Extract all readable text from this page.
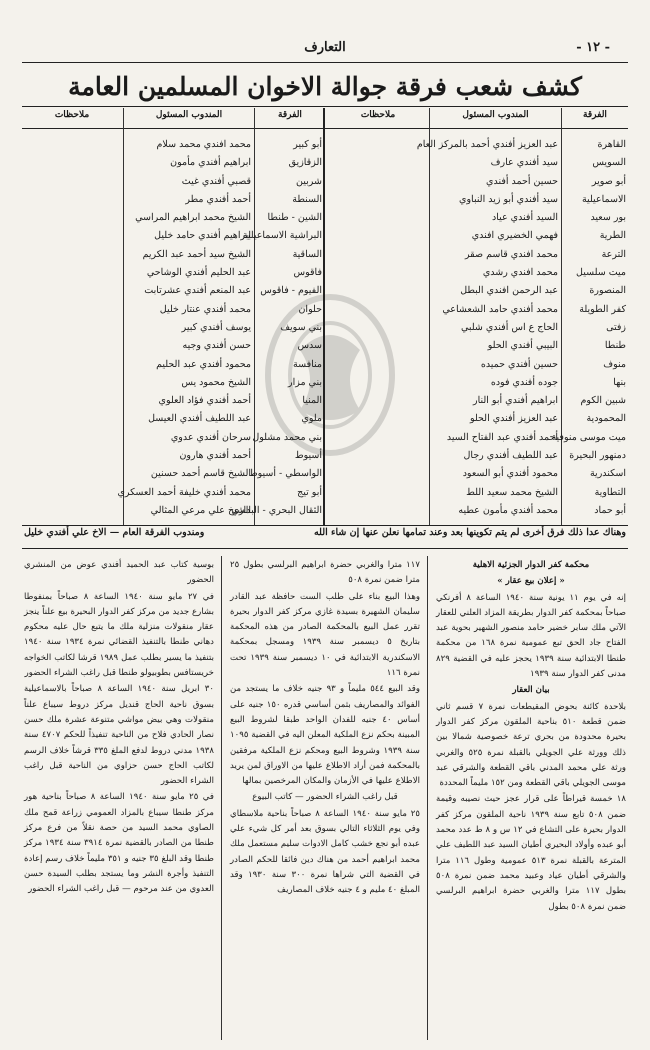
- ١٢ -
التعارف
كشف شعب فرقة جوالة الاخوان المسلمين العامة
الفرقة
المندوب المسئول
ملاحظات
الفرقة
المندوب المسئول
ملاحظات
القاهرة
السويس
أبو صوير
الاسماعيلية
بور سعيد
الطرية
الترعة
ميت سلسيل
المنصورة
كفر الطويلة
زفتى
طنطا
منوف
بنها
شبين الكوم
المحمودية
ميت موسى منوفية
دمنهور البحيرة
اسكندرية
التطاوية
أبو حماد
عبد العزيز أفندي أحمد بالمركز العام
سيد أفندي عارف
حسين أحمد أفندي
سيد أفندي أبو زيد النباوي
السيد أفندي عياد
فهمي الخضيري افندي
محمد افندي قاسم صقر
محمد افندي رشدي
عبد الرحمن افندي البطل
محمد أفندي حامد الشعشاعي
الحاج ع اس أفندي شلبي
البيبي أفندي الحلو
حسين أفندي حميده
جوده أفندي فوده
ابراهيم أفندي أبو النار
عبد العزيز أفندي الحلو
أحمد أفندي عبد الفتاح السيد
عبد اللطيف أفندي رجال
محمود أفندي أبو السعود
الشيخ محمد سعيد اللط
محمد أفندي مأمون عطيه
أبو كبير
الزقازيق
شربين
السنطة
الشين - طنطا
البراشية الاسماعيلية
الساقية
فاقوس
الفيوم - فاقوس
حلوان
بني سويف
سدس
منافسة
بني مزار
المنيا
ملوي
بني محمد مشلول
أسيوط
الواسطي - أسيوط
أبو تيج
الثقال البحري - البداري
محمد افندي محمد سلام
ابراهيم أفندي مأمون
قصبي أفندي غيث
أحمد أفندي مطر
الشيخ محمد ابراهيم المراسي
ابراهيم أفندي حامد خليل
الشيخ سيد أحمد عبد الكريم
عبد الحليم أفندي الوشاحي
عبد المنعم أفندي عشرتابت
محمد أفندي عنتار خليل
يوسف أفندي كبير
حسن أفندي وجيه
محمود أفندي عبد الحليم
الشيخ محمود يس
أحمد أفندي فؤاد العلوي
عبد اللطيف أفندي العيسل
سرحان أفندي عدوي
أحمد أفندي هارون
الشيخ قاسم أحمد حسنين
محمد أفندي خليفة أحمد العسكري
الشيخ علي مرعي المثالي
وهناك عدا ذلك فرق أخرى لم يتم تكوينها بعد وعند تمامها نعلن عنها إن شاء الله
ومندوب الفرقة العام — الاخ علي أفندي خليل

محكمة كفر الدوار الجزئية الاهلية

« إعلان بيع عقار »

إنه في يوم ١١ يونية سنة ١٩٤٠ الساعة ٨ أفرنكي صباحاً بمحكمة كفر الدوار بطريقة المزاد العلني للعقار الآتي ملك سابر خضير حامد منصور الشهير بحوية عبد الفتاح جاد الحق تبع عمومية نمرة ١٦٨ من محكمة طنطا الابتدائية سنة ١٩٣٩ يحجز عليه في القضية ٨٢٩ مدنى كفر الدوار سنة ١٩٣٩

بيان العقار

بلاحدة كائنة بحوض المقيطعات نمرة ٧ قسم ثاني ضمن قطعة ٥١٠ بناحية الملقون مركز كفر الدوار بحيرة محدودة من بحري ترعة خصوصية شمالا بين ذلك وورثة علي الجويلي بالقبلة نمرة ٥٢٥ والغربي ورثة علي محمد المدني باقي القطعة والشرقي عبد موسى الجويلي باقي القطعة ومن ١٥٢ مليماً المحددة

١٨ خمسة قيراطاً على قرار عجز حيث نصيبه وقيمة ضمن ٥٠٨ تابع سنة ١٩٣٩ ناحية الملقون مركز كفر الدوار بحيرة على التشاع في ١٢ س و ٨ ط عدد محمد أبو عبده وأولاد البحيري أطيان السيد عبد اللطيف علي المترعة بالقبلة نمرة ٥١٣ عمومية وطول ١١٦ مترا والشرقي أطيان عياد وعبيد محمد ضمن نمرة ٥٠٨ بطول ١١٧ مترا والغربي حضرة ابراهيم البرلسي ضمن نمرة ٥٠٨ بطول

١١٧ مترا والغربي حضرة ابراهيم البرلسي بطول ٢٥ مترا ضمن نمرة ٥٠٨

وهذا البيع بناء على طلب الست حافظة عبد القادر سليمان الشهيرة بسيدة غازي مركز كفر الدوار بحيرة تقرر عمل البيع بالمحكمة الصادر من هذه المحكمة بتاريخ ٥ ديسمبر سنة ١٩٣٩ ومسجل بمحكمة الاسكندرية الابتدائية في ١٠ ديسمبر سنة ١٩٣٩ تحت نمرة ١١٦

وقد البيع ٥٤٤ مليماً و ٩٣ جنيه خلاف ما يستجد من الفوائد والمصاريف بثمن أساسي قدره ١٥٠ جنيه على أساس ٤٠ جنيه للفدان الواحد طبقا لشروط البيع المبينة بحكم نزع الملكية المعلن اليه في القضية ١٠٩٥ سنة ١٩٣٩ وشروط البيع ومحكم نزع الملكية مرفقين بالمحكمة فمن أراد الاطلاع عليها من الاوراق لمن يريد الاطلاع عليها في الأزمان والمكان المرخصين بمالها

قبل راغب الشراء الحضور — كاتب البيوع

٢٥ مايو سنة ١٩٤٠ الساعة ٨ صباحاً بناحية ملاسطاي وفي يوم الثلاثاء التالي بسوق بعد أمر كل شيء علي عبده أبو نجع خشب كامل الادوات سليم مستعمل ملك محمد ابراهيم أحمد من هناك دين فائقا للحكم الصادر في القضية التي شراها نمرة ٣٠٠ سنة ١٩٣٠ وقد المبلغ ٤٠ مليم و ٤ جنيه خلاف المصاريف

بوسية كتاب عبد الحميد أفندي عوض من المنشري الحضور

في ٢٧ مايو سنة ١٩٤٠ الساعة ٨ صباحاً بمنفوطا بشارع جديد من مركز كفر الدوار البحيرة بيع علناً ينجز عقار منقولات منزلية ملك ما يتبع حال عليه محكوم دهاني طنطا بالتنفيذ القضائي نمرة ١٩٣٤ سنة ١٩٤٠ بتنفيذ ما يسير بطلب عمل ١٩٨٩ قرشا لكاتب الخواجه خريستافس بطوبيولو طنطا قبل راغب الشراء الحضور

٣٠ ابريل سنة ١٩٤٠ الساعة ٨ صباحاً بالاسماعيلية بسوق ناحية الحاج قنديل مركز دروط سيباع علناً منقولات وهي بيض مواشي متنوعة عشرة ملك حسن نصار الحادي فلاح من الناحية تنفيذاً للحكم ٤٧٠٧ سنة ١٩٣٨ مدني دروط لدفع الملغ ٣٣٥ قرشاً خلاف الرسم لكاتب الحاج حسن حزاوي من الناحية قبل راغب الشراء الحضور

في ٢٥ مايو سنة ١٩٤٠ الساعة ٨ صباحاً بناحية هور مركز طنطا سيباع بالمزاد العمومي زراعة قمح ملك الصاوي محمد السيد من حصة نقلاً من فرع مركز طنطا من الصادر بالقضية نمرة ٣٩١٤ سنة ١٩٣٤ مركز طنطا وقد البلغ ٣٥ جنيه و ٣٥١ مليماً خلاف رسم إعادة التنفيذ وأجرة النشر وما يستجد بطلب السيدة حسن العدوي من عند مرحوم — قبل راغب الشراء الحضور
